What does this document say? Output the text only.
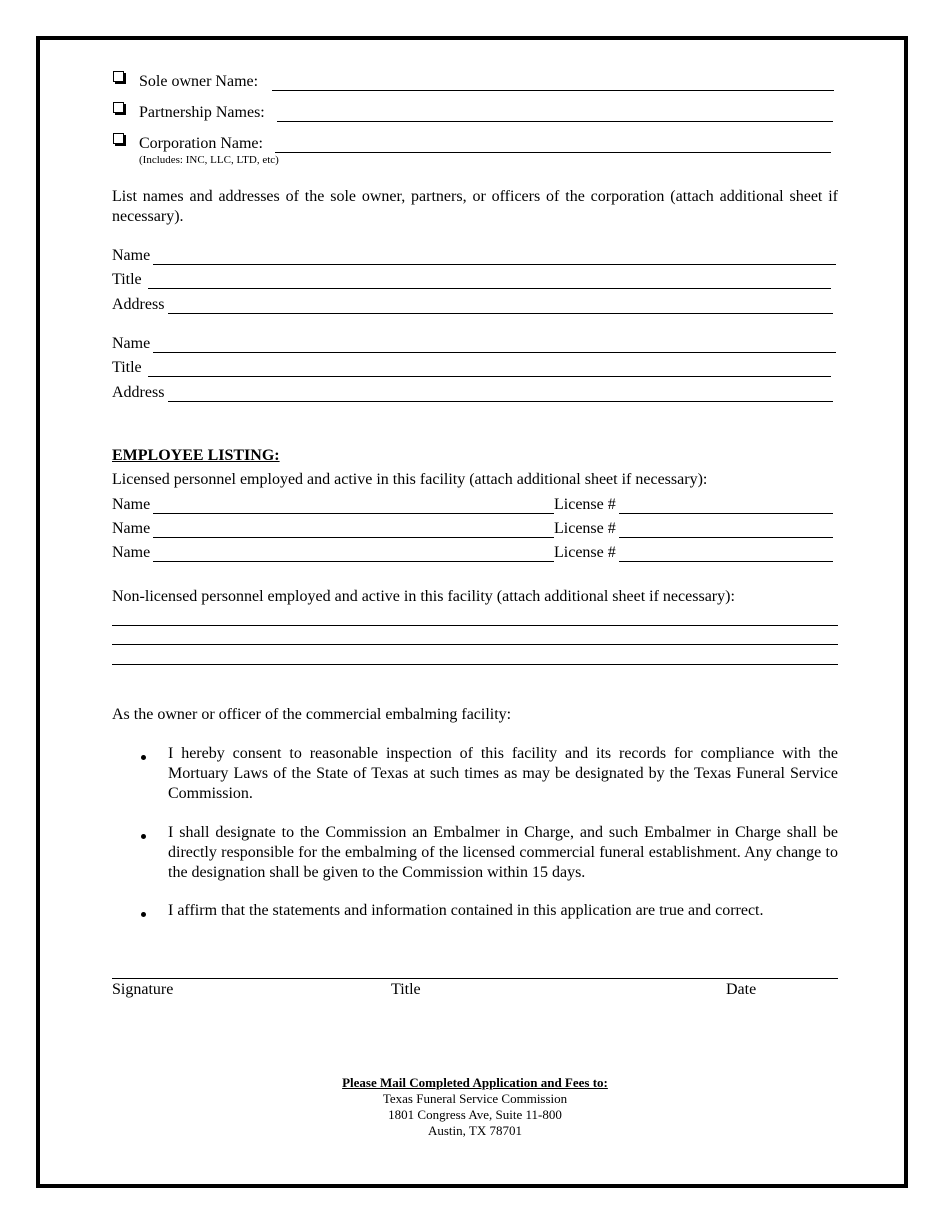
Sole owner Name:
Partnership Names:
Corporation Name:
(Includes: INC, LLC, LTD, etc)
List names and addresses of the sole owner, partners, or officers of the corporation (attach additional sheet if necessary).
Name
Title
Address
Name
Title
Address
EMPLOYEE LISTING:
Licensed personnel employed and active in this facility (attach additional sheet if necessary):
Name	License #
Name	License #
Name	License #
Non-licensed personnel employed and active in this facility (attach additional sheet if necessary):
As the owner or officer of the commercial embalming facility:
I hereby consent to reasonable inspection of this facility and its records for compliance with the Mortuary Laws of the State of Texas at such times as may be designated by the Texas Funeral Service Commission.
I shall designate to the Commission an Embalmer in Charge, and such Embalmer in Charge shall be directly responsible for the embalming of the licensed commercial funeral establishment. Any change to the designation shall be given to the Commission within 15 days.
I affirm that the statements and information contained in this application are true and correct.
Signature	Title	Date
Please Mail Completed Application and Fees to:
Texas Funeral Service Commission
1801 Congress Ave, Suite 11-800
Austin, TX 78701
